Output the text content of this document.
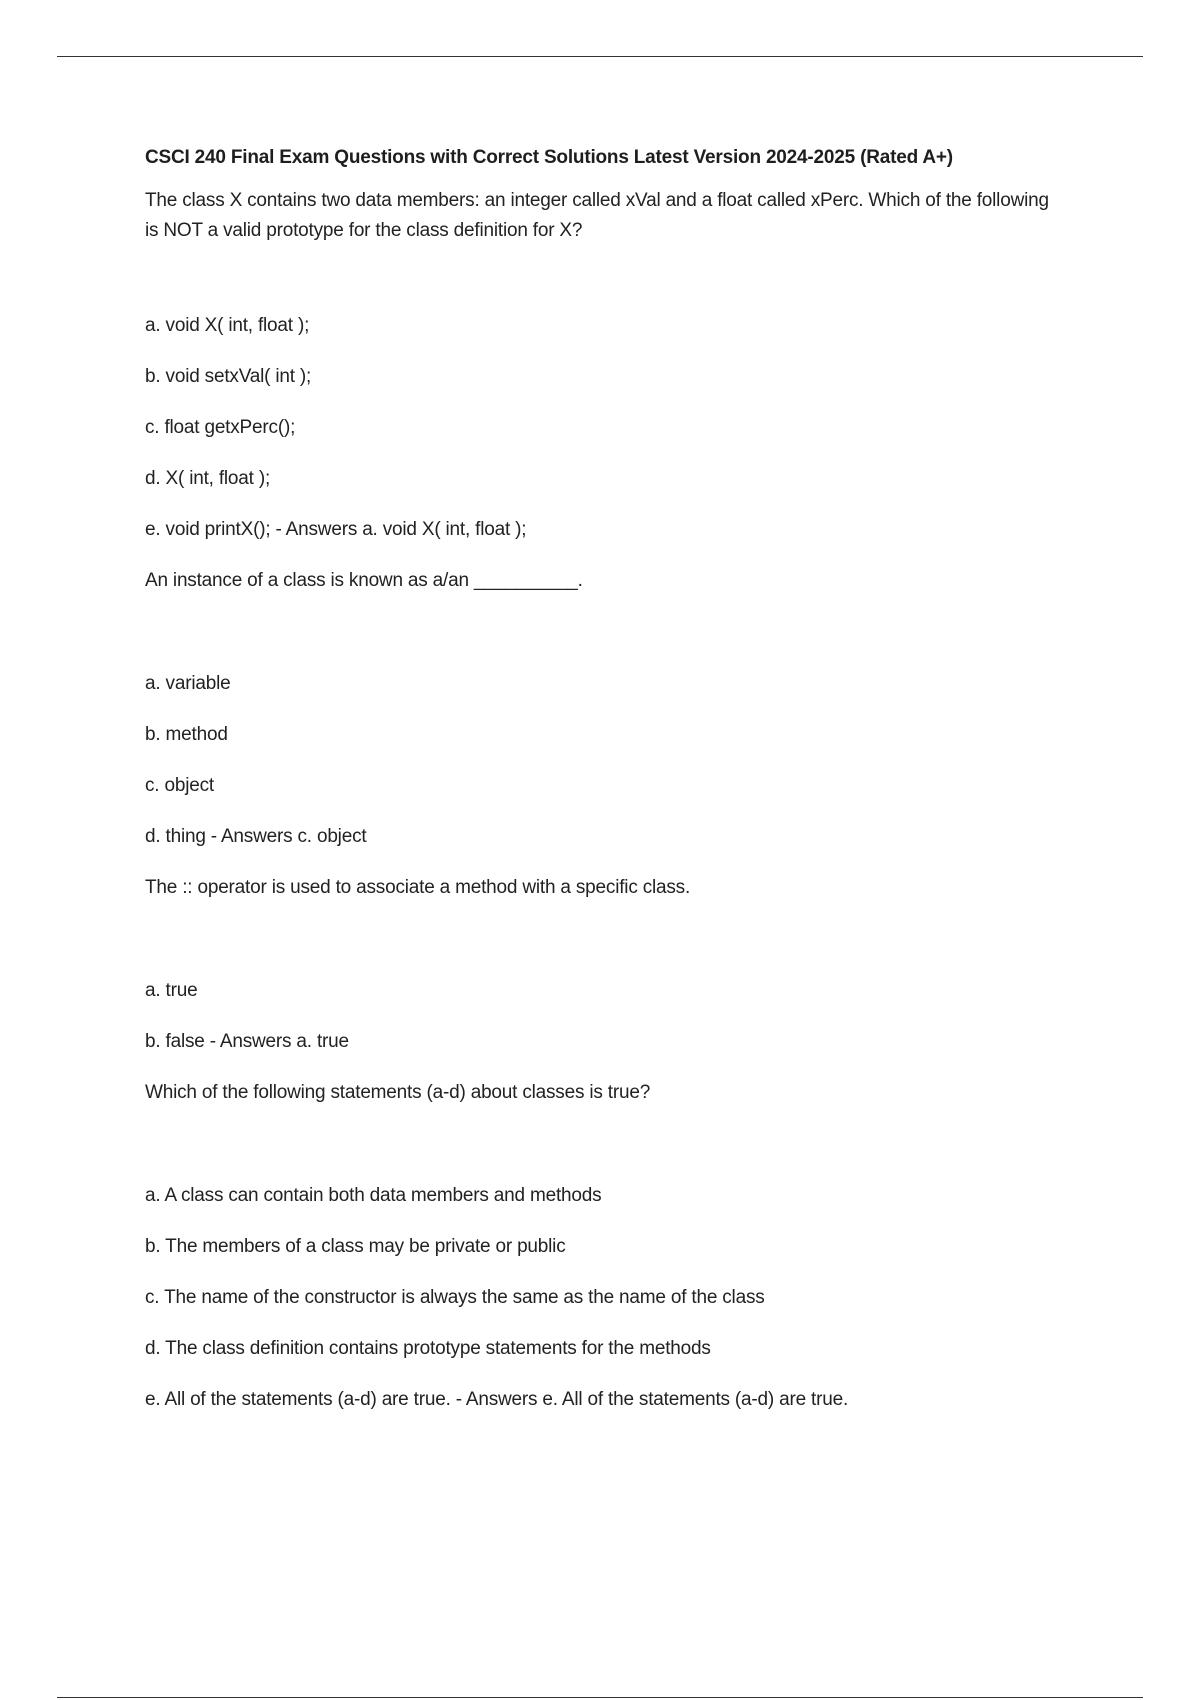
CSCI 240 Final Exam Questions with Correct Solutions Latest Version 2024-2025 (Rated A+)

The class X contains two data members: an integer called xVal and a float called xPerc. Which of the following is NOT a valid prototype for the class definition for X?

a. void X( int, float );
b. void setxVal( int );
c. float getxPerc();
d. X( int, float );
e. void printX(); - Answers a. void X( int, float );

An instance of a class is known as a/an __________.

a. variable
b. method
c. object
d. thing - Answers c. object

The :: operator is used to associate a method with a specific class.

a. true
b. false - Answers a. true

Which of the following statements (a-d) about classes is true?

a. A class can contain both data members and methods
b. The members of a class may be private or public
c. The name of the constructor is always the same as the name of the class
d. The class definition contains prototype statements for the methods
e. All of the statements (a-d) are true. - Answers e. All of the statements (a-d) are true.
